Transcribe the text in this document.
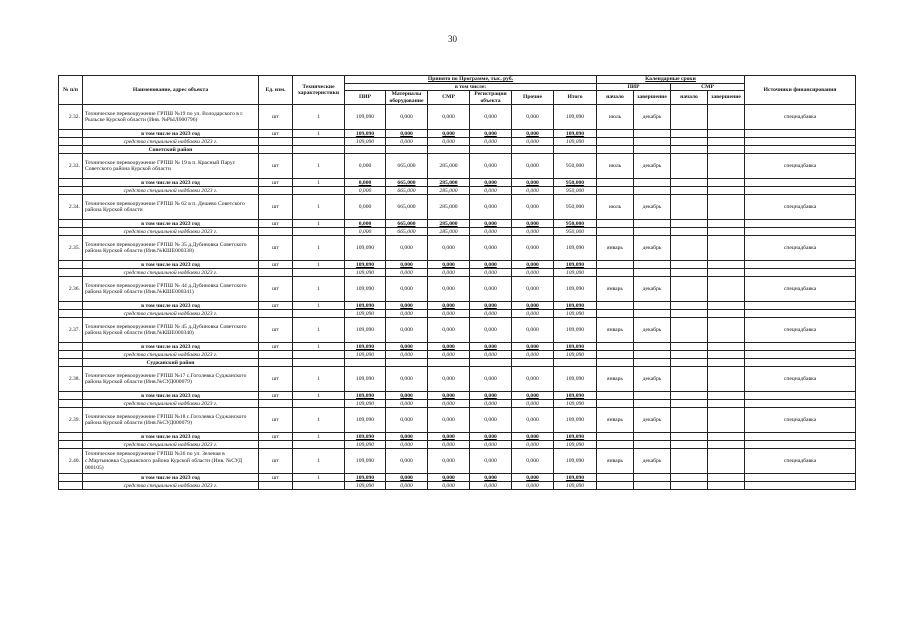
30
№ п/п	Наименование, адрес объекта	Ед. изм.	Технические характеристики	Принято по Программе, тыс. руб.						Календарные сроки				Источники финансирования
				в том числе:						ПИР		СМР		
				ПИР	Материалы оборудование	СМР	Регистрация объекта	Прочие	Итого	начало	завершение	начало	завершение	
2.32.	Техническое перевооружение ГРПШ №19 по ул. Володарского в г. Рыльске Курской области (Инв. №РЫЛ000796)	шт	1	109,090	0,000	0,000	0,000	0,000	109,090	июль	декабрь			спецнадбавка
	в том числе на 2023 год	шт	1	109,090	0,000	0,000	0,000	0,000	109,090					
	средства специальной надбавки 2023 г.			109,090	0,000	0,000	0,000	0,000	109,090					
	Советский район													
2.33.	Техническое перевооружение ГРПШ № 19 в п. Красный Парус Советского района Курской области	шт	1	0,000	665,000	285,000	0,000	0,000	950,000	июль	декабрь			спецнадбавка
	в том числе на 2023 год	шт	1	0,000	665,000	285,000	0,000	0,000	950,000					
	средства специальной надбавки 2023 г.			0,000	665,000	285,000	0,000	0,000	950,000					
2.34.	Техническое перевооружение ГРПШ № 62 в п. Дешево Советского района Курской области	шт	1	0,000	665,000	285,000	0,000	0,000	950,000	июль	декабрь			спецнадбавка
	в том числе на 2023 год	шт	1	0,000	665,000	285,000	0,000	0,000	950,000					
	средства специальной надбавки 2023 г.			0,000	665,000	285,000	0,000	0,000	950,000					
2.35.	Техническое перевооружение ГРПШ № 35 д.Дубиновка Советского района Курской области (Инв.№КШЕ000338)	шт	1	109,090	0,000	0,000	0,000	0,000	109,090	январь	декабрь			спецнадбавка
	в том числе на 2023 год	шт	1	109,090	0,000	0,000	0,000	0,000	109,090					
	средства специальной надбавки 2023 г.			109,090	0,000	0,000	0,000	0,000	109,090					
2.36.	Техническое перевооружение ГРПШ № 44 д.Дубиновка Советского района Курской области (Инв.№КШЕ000341)	шт	1	109,090	0,000	0,000	0,000	0,000	109,090	январь	декабрь			спецнадбавка
	в том числе на 2023 год	шт	1	109,090	0,000	0,000	0,000	0,000	109,090					
	средства специальной надбавки 2023 г.			109,090	0,000	0,000	0,000	0,000	109,090					
2.37.	Техническое перевооружение ГРПШ № 45 д.Дубиновка Советского района Курской области (Инв.№КШЕ000340)	шт	1	109,090	0,000	0,000	0,000	0,000	109,090	январь	декабрь			спецнадбавка
	в том числе на 2023 год	шт	1	109,090	0,000	0,000	0,000	0,000	109,090					
	средства специальной надбавки 2023 г.			109,090	0,000	0,000	0,000	0,000	109,090					
	Суджанский район													
2.38.	Техническое перевооружение ГРПШ №17 с.Гоголевка Суджанского района Курской области (Инв.№СУД000079)	шт	1	109,090	0,000	0,000	0,000	0,000	109,090	январь	декабрь			спецнадбавка
	в том числе на 2023 год	шт	1	109,090	0,000	0,000	0,000	0,000	109,090					
	средства специальной надбавки 2023 г.			109,090	0,000	0,000	0,000	0,000	109,090					
2.39.	Техническое перевооружение ГРПШ №18 с.Гоголевка Суджанского района Курской области (Инв.№СУД000079)	шт	1	109,090	0,000	0,000	0,000	0,000	109,090	январь	декабрь			спецнадбавка
	в том числе на 2023 год	шт	1	109,090	0,000	0,000	0,000	0,000	109,090					
	средства специальной надбавки 2023 г.			109,090	0,000	0,000	0,000	0,000	109,090					
2.40.	Техническое перевооружение ГРПШ №36 по ул. Зеленая в с.Мартыновка Суджанского района Курской области (Инв. №СУД 000105)	шт	1	109,090	0,000	0,000	0,000	0,000	109,090	январь	декабрь			спецнадбавка
	в том числе на 2023 год	шт	1	109,090	0,000	0,000	0,000	0,000	109,090					
	средства специальной надбавки 2023 г.			109,090	0,000	0,000	0,000	0,000	109,090					
